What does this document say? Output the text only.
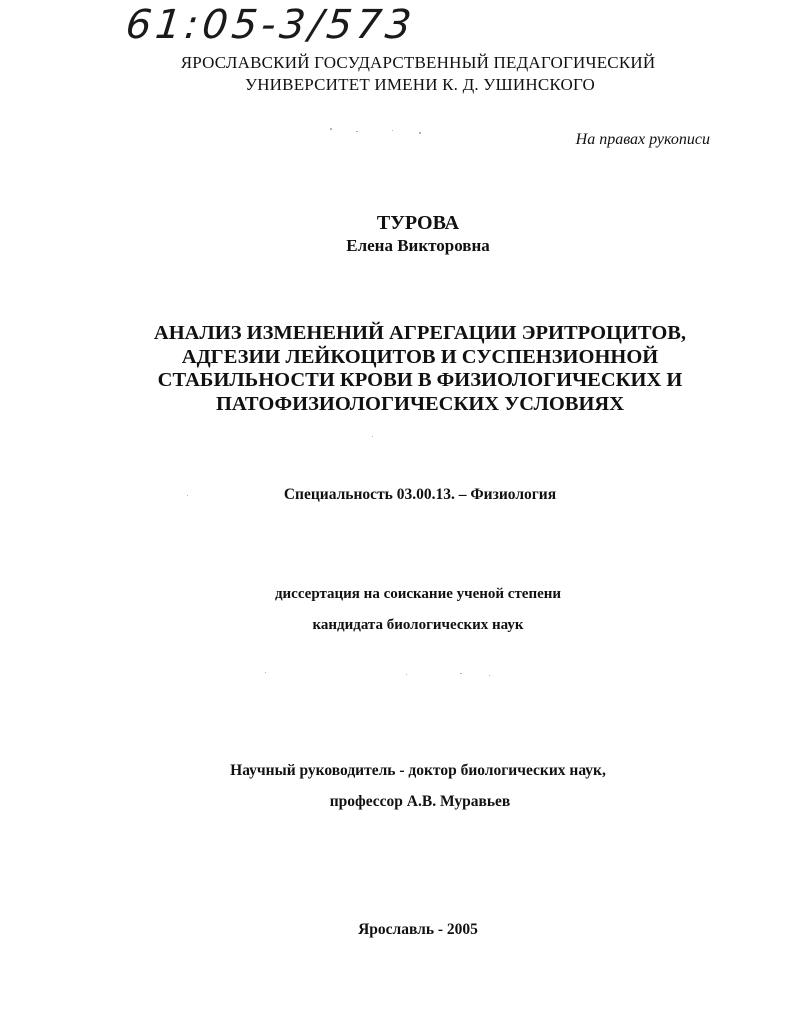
61:05-3/573
ЯРОСЛАВСКИЙ ГОСУДАРСТВЕННЫЙ ПЕДАГОГИЧЕСКИЙ
УНИВЕРСИТЕТ ИМЕНИ К. Д. УШИНСКОГО
На правах рукописи
ТУРОВА
Елена Викторовна
АНАЛИЗ ИЗМЕНЕНИЙ АГРЕГАЦИИ ЭРИТРОЦИТОВ,
АДГЕЗИИ ЛЕЙКОЦИТОВ И СУСПЕНЗИОННОЙ
СТАБИЛЬНОСТИ КРОВИ В ФИЗИОЛОГИЧЕСКИХ И
ПАТОФИЗИОЛОГИЧЕСКИХ УСЛОВИЯХ
Специальность 03.00.13. – Физиология
диссертация на соискание ученой степени
кандидата биологических наук
Научный руководитель - доктор биологических наук,
профессор А.В. Муравьев
Ярославль - 2005
